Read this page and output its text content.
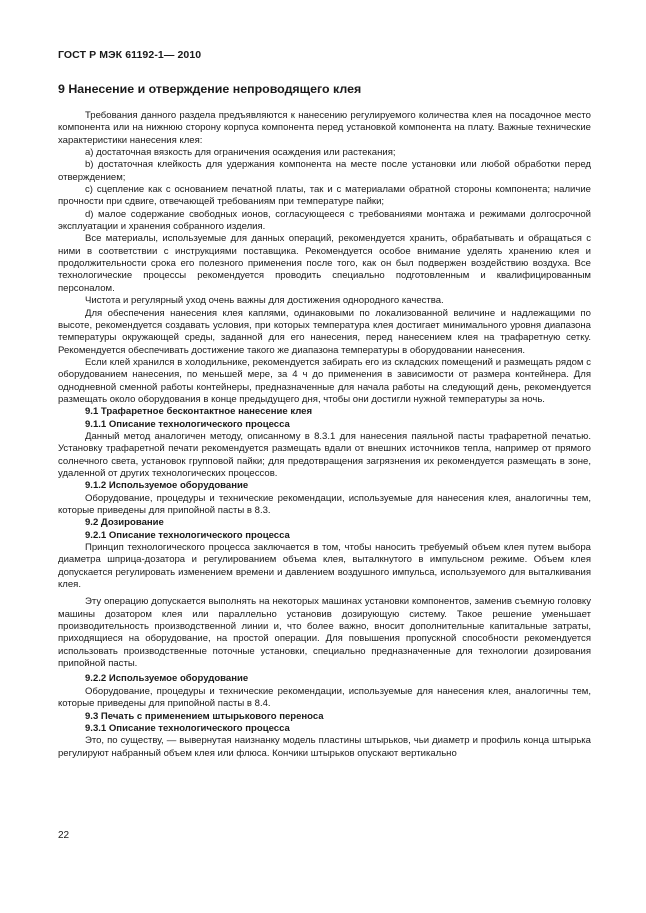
ГОСТ Р МЭК 61192-1— 2010
9 Нанесение и отверждение непроводящего клея

Требования данного раздела предъявляются к нанесению регулируемого количества клея на посадочное место компонента или на нижнюю сторону корпуса компонента перед установкой компонента на плату. Важные технические характеристики нанесения клея:

а) достаточная вязкость для ограничения осаждения или растекания;

b) достаточная клейкость для удержания компонента на месте после установки или любой обработки перед отверждением;

c) сцепление как с основанием печатной платы, так и с материалами обратной стороны компонента; наличие прочности при сдвиге, отвечающей требованиям при температуре пайки;

d) малое содержание свободных ионов, согласующееся с требованиями монтажа и режимами долгосрочной эксплуатации и хранения собранного изделия.

Все материалы, используемые для данных операций, рекомендуется хранить, обрабатывать и обращаться с ними в соответствии с инструкциями поставщика. Рекомендуется особое внимание уделять хранению клея и продолжительности срока его полезного применения после того, как он был подвержен воздействию воздуха. Все технологические процессы рекомендуется проводить специально подготовленным и квалифицированным персоналом.

Чистота и регулярный уход очень важны для достижения однородного качества.

Для обеспечения нанесения клея каплями, одинаковыми по локализованной величине и надлежащими по высоте, рекомендуется создавать условия, при которых температура клея достигает минимального уровня диапазона температуры окружающей среды, заданной для его нанесения, перед нанесением клея на трафаретную сетку. Рекомендуется обеспечивать достижение такого же диапазона температуры в оборудовании нанесения.

Если клей хранился в холодильнике, рекомендуется забирать его из складских помещений и размещать рядом с оборудованием нанесения, по меньшей мере, за 4 ч до применения в зависимости от размера контейнера. Для однодневной сменной работы контейнеры, предназначенные для начала работы на следующий день, рекомендуется размещать около оборудования в конце предыдущего дня, чтобы они достигли нужной температуры за ночь.

9.1 Трафаретное бесконтактное нанесение клея

9.1.1 Описание технологического процесса

Данный метод аналогичен методу, описанному в 8.3.1 для нанесения паяльной пасты трафаретной печатью. Установку трафаретной печати рекомендуется размещать вдали от внешних источников тепла, например от прямого солнечного света, установок групповой пайки; для предотвращения загрязнения их рекомендуется размещать в зоне, удаленной от других технологических процессов.

9.1.2 Используемое оборудование

Оборудование, процедуры и технические рекомендации, используемые для нанесения клея, аналогичны тем, которые приведены для припойной пасты в 8.3.

9.2 Дозирование

9.2.1 Описание технологического процесса

Принцип технологического процесса заключается в том, чтобы наносить требуемый объем клея путем выбора диаметра шприца-дозатора и регулированием объема клея, выталкнутого в импульсном режиме. Объем клея допускается регулировать изменением времени и давлением воздушного импульса, используемого для выталкивания клея.

Эту операцию допускается выполнять на некоторых машинах установки компонентов, заменив съемную головку машины дозатором клея или параллельно установив дозирующую систему. Такое решение уменьшает производительность производственной линии и, что более важно, вносит дополнительные капитальные затраты, приходящиеся на оборудование, на простой операции. Для повышения пропускной способности рекомендуется использовать производственные поточные установки, специально предназначенные для технологии дозирования припойной пасты.

9.2.2 Используемое оборудование

Оборудование, процедуры и технические рекомендации, используемые для нанесения клея, аналогичны тем, которые приведены для припойной пасты в 8.4.

9.3 Печать с применением штырькового переноса

9.3.1 Описание технологического процесса

Это, по существу, — вывернутая наизнанку модель пластины штырьков, чьи диаметр и профиль конца штырька регулируют набранный объем клея или флюса. Кончики штырьков опускают вертикально

22
